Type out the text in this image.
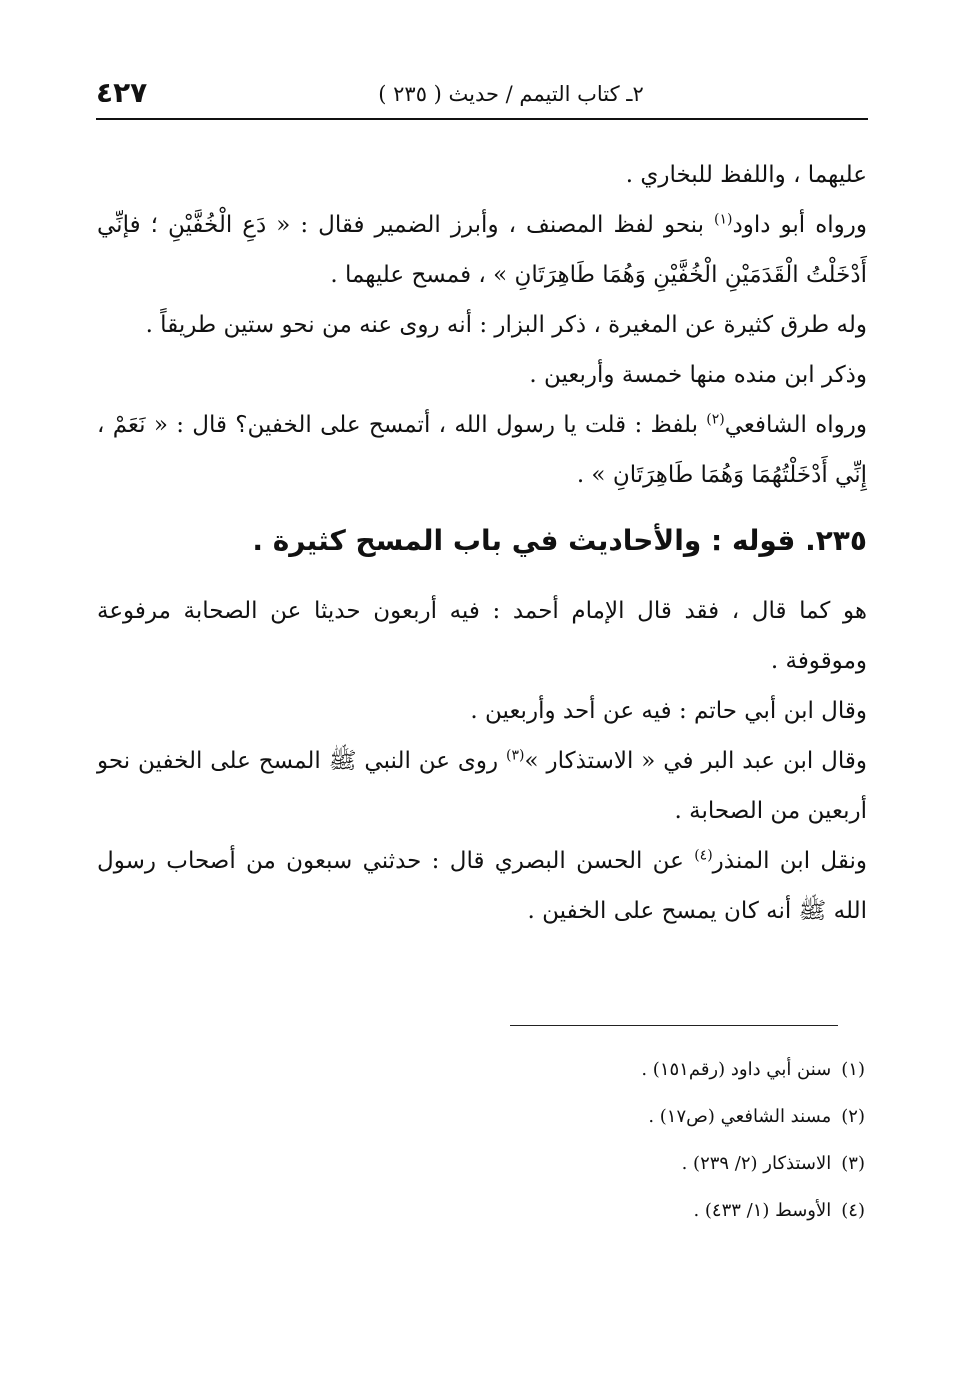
٤٢٧	٢ـ كتاب التيمم / حديث ( ٢٣٥ )

عليهما ، واللفظ للبخاري .

ورواه أبو داود$^{(١)}$ بنحو لفظ المصنف ، وأبرز الضمير فقال : « دَعِ الْخُفَّيْنِ ؛ فإنِّي أَدْخَلْتُ الْقَدَمَيْنِ الْخُفَّيْنِ وَهُمَا طَاهِرَتَانِ » ، فمسح عليهما .

وله طرق كثيرة عن المغيرة ، ذكر البزار : أنه روى عنه من نحو ستين طريقاً .

وذكر ابن منده منها خمسة وأربعين .

ورواه الشافعي$^{(٢)}$ بلفظ : قلت يا رسول الله ، أتمسح على الخفين؟ قال : « نَعَمْ ، إِنِّي أَدْخَلْتُهُمَا وَهُمَا طَاهِرَتَانِ » .

٢٣٥. قوله : والأحاديث في باب المسح كثيرة .

هو كما قال ، فقد قال الإمام أحمد : فيه أربعون حديثا عن الصحابة مرفوعة وموقوفة .

وقال ابن أبي حاتم : فيه عن أحد وأربعين .

وقال ابن عبد البر في « الاستذكار »$^{(٣)}$ روى عن النبي ﷺ المسح على الخفين نحو أربعين من الصحابة .

ونقل ابن المنذر$^{(٤)}$ عن الحسن البصري قال : حدثني سبعون من أصحاب رسول الله ﷺ أنه كان يمسح على الخفين .

(١)سنن أبي داود (رقم١٥١) .

(٢)مسند الشافعي (ص١٧) .

(٣)الاستذكار (٢/ ٢٣٩) .

(٤)الأوسط (١/ ٤٣٣) .
